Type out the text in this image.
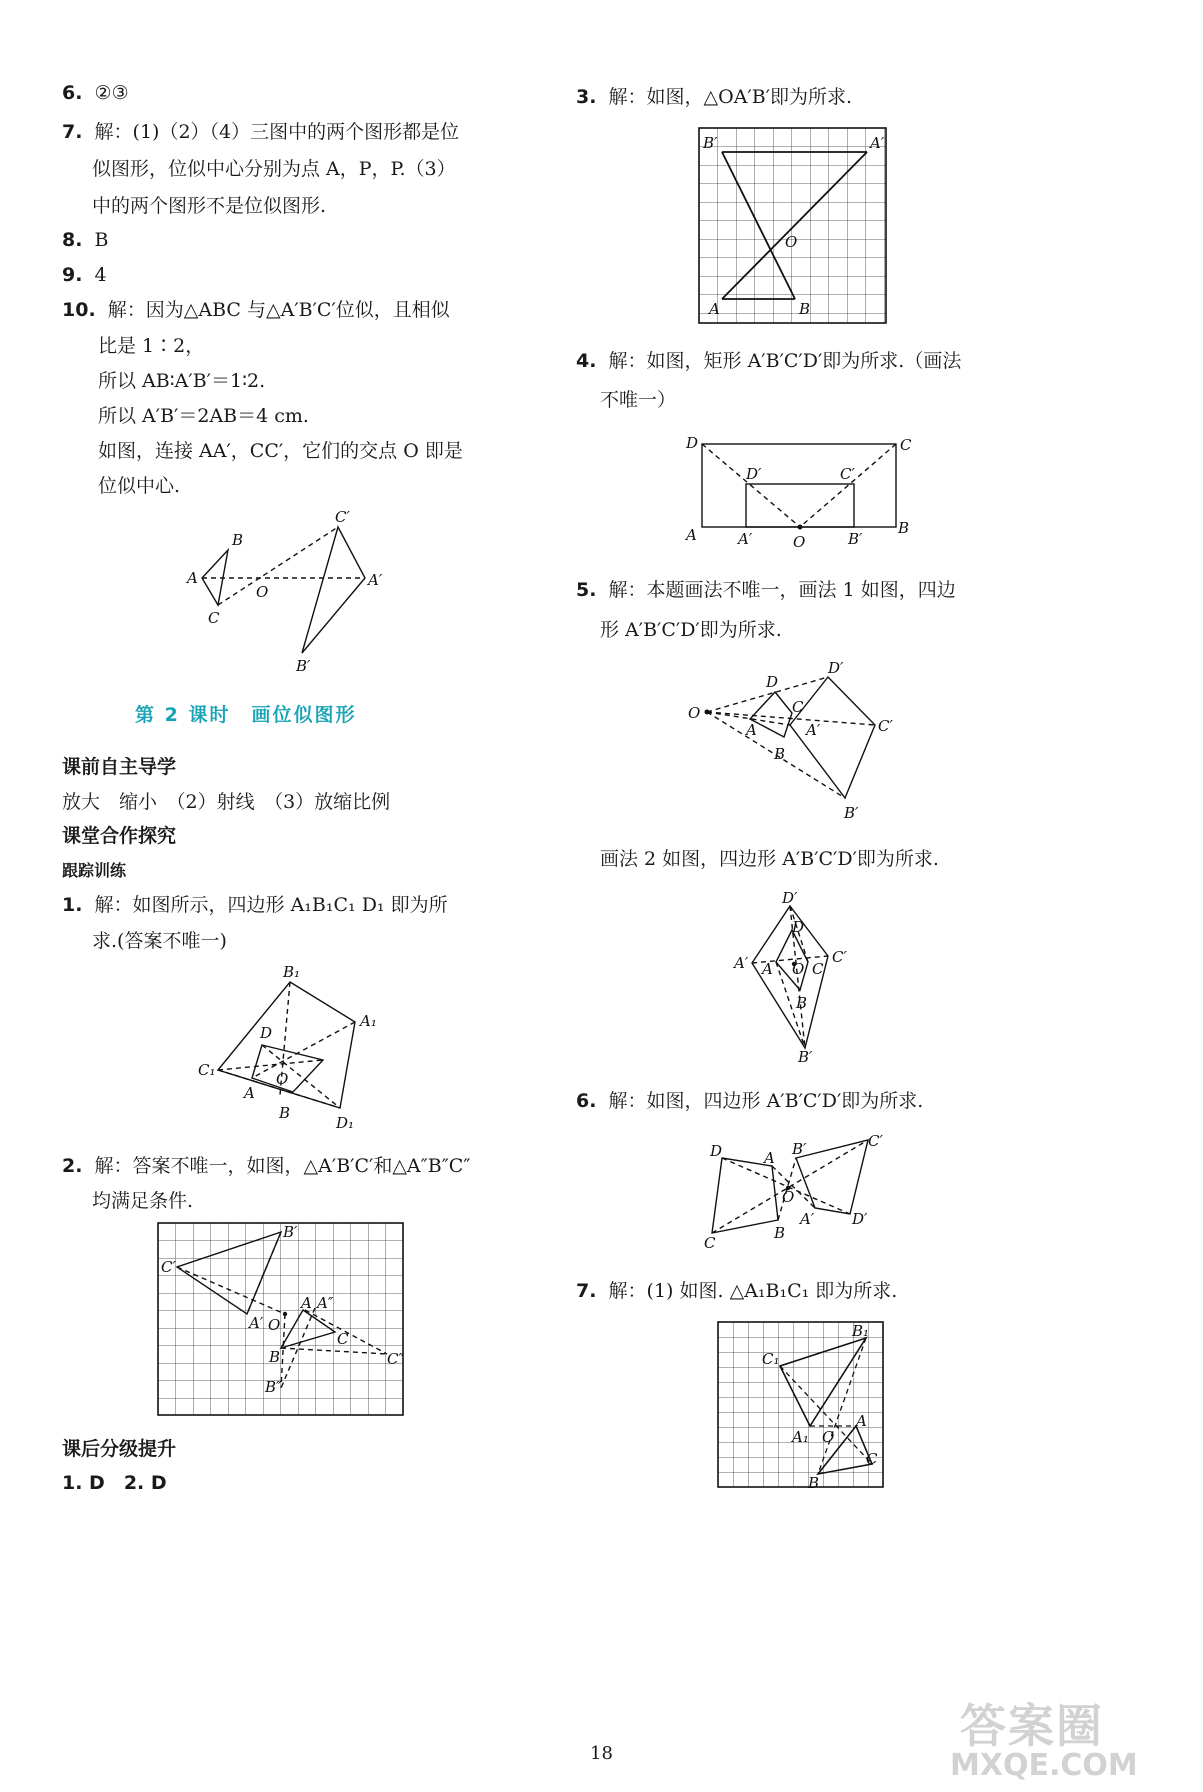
6. ②③
7. 解：(1)（2）（4）三图中的两个图形都是位
似图形，位似中心分别为点 A，P，P.（3）
中的两个图形不是位似图形.
8. B
9. 4
10. 解：因为△ABC 与△A′B′C′位似，且相似
比是 1∶2，
所以 AB∶A′B′＝1∶2.
所以 A′B′＝2AB＝4 cm.
如图，连接 AA′，CC′，它们的交点 O 即是
位似中心.
A
B
C
O
A′
B′
C′
第 2 课时　画位似图形
课前自主导学
放大　缩小　（2）射线　（3）放缩比例
课堂合作探究
跟踪训练
1. 解：如图所示，四边形 A₁B₁C₁ D₁ 即为所
求.(答案不唯一)
B₁
A₁
C₁
D₁
D
O
A
B
2. 解：答案不唯一，如图，△A′B′C′和△A″B″C″
均满足条件.
B′
C′
A′ O
A A″
C
B	C″
B″
课后分级提升
1. D　2. D
3. 解：如图，△OA′B′即为所求.
B′	A′
O
A	B
4. 解：如图，矩形 A′B′C′D′即为所求.（画法
不唯一）
D	C
D′	C′
A	A′	O	B′
B
5. 解：本题画法不唯一，画法 1 如图，四边
形 A′B′C′D′即为所求.
O
D
D′
C
C′
A	A′
B
B′
画法 2 如图，四边形 A′B′C′D′即为所求.
D′
D
A′ A O C
C′
B
B′
6. 解：如图，四边形 A′B′C′D′即为所求.
D	A B′	C′
O
B
A′	D′
C
7. 解：(1) 如图. △A₁B₁C₁ 即为所求.
B₁
C₁
A₁ O
A
B
C
18
答案圈
MXQE.COM
